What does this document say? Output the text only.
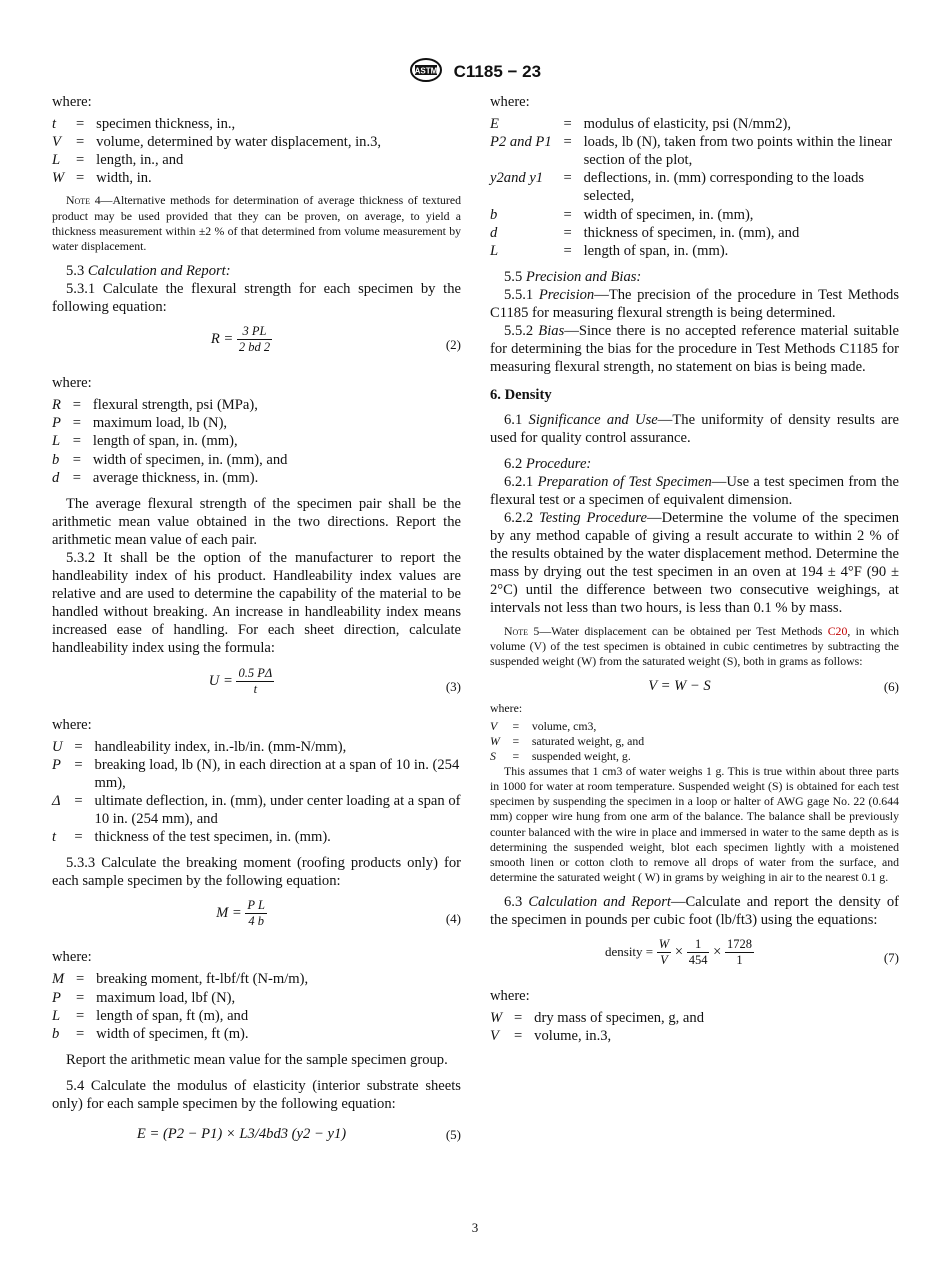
ASTM C1185 − 23

where:

t	=	specimen thickness, in.,
V	=	volume, determined by water displacement, in.3,
L	=	length, in., and
W	=	width, in.

Note 4—Alternative methods for determination of average thickness of textured product may be used provided that they can be proven, on average, to yield a thickness measurement within ±2 % of that determined from volume measurement by water displacement.

5.3 Calculation and Report:

5.3.1 Calculate the flexural strength for each specimen by the following equation:

$R = \frac{3 PL}{2 bd 2}$	(2)

where:

R	=	flexural strength, psi (MPa),
P	=	maximum load, lb (N),
L	=	length of span, in. (mm),
b	=	width of specimen, in. (mm), and
d	=	average thickness, in. (mm).

The average flexural strength of the specimen pair shall be the arithmetic mean value obtained in the two directions. Report the arithmetic mean value of each pair.

5.3.2 It shall be the option of the manufacturer to report the handleability index of his product. Handleability index values are relative and are used to determine the capability of the material to be handled without breaking. An increase in handleability index means increased ease of handling. For each sheet direction, calculate handleability index using the formula:

$U = \frac{0.5 P\Delta}{t}$	(3)

where:

U	=	handleability index, in.-lb/in. (mm-N/mm),
P	=	breaking load, lb (N), in each direction at a span of 10 in. (254 mm),
Δ	=	ultimate deflection, in. (mm), under center loading at a span of 10 in. (254 mm), and
t	=	thickness of the test specimen, in. (mm).

5.3.3 Calculate the breaking moment (roofing products only) for each sample specimen by the following equation:

$M = \frac{\text{P L}}{4 b}$	(4)

where:

M	=	breaking moment, ft-lbf/ft (N-m/m),
P	=	maximum load, lbf (N),
L	=	length of span, ft (m), and
b	=	width of specimen, ft (m).

Report the arithmetic mean value for the sample specimen group.

5.4 Calculate the modulus of elasticity (interior substrate sheets only) for each sample specimen by the following equation:

E = (P2 − P1) × L3/4bd3 (y2 − y1)	(5)

where:

E	=	modulus of elasticity, psi (N/mm2),
P2 and P1	=	loads, lb (N), taken from two points within the linear section of the plot,
y2and y1	=	deflections, in. (mm) corresponding to the loads selected,
b	=	width of specimen, in. (mm),
d	=	thickness of specimen, in. (mm), and
L	=	length of span, in. (mm).

5.5 Precision and Bias:

5.5.1 Precision—The precision of the procedure in Test Methods C1185 for measuring flexural strength is being determined.

5.5.2 Bias—Since there is no accepted reference material suitable for determining the bias for the procedure in Test Methods C1185 for measuring flexural strength, no statement on bias is being made.

6. Density

6.1 Significance and Use—The uniformity of density results are used for quality control assurance.

6.2 Procedure:

6.2.1 Preparation of Test Specimen—Use a test specimen from the flexural test or a specimen of equivalent dimension.

6.2.2 Testing Procedure—Determine the volume of the specimen by any method capable of giving a result accurate to within 2 % of the results obtained by the water displacement method. Determine the mass by drying out the test specimen in an oven at 194 ± 4°F (90 ± 2°C) until the difference between two consecutive weighings, at intervals not less than two hours, is less than 0.1 % by mass.

Note 5—Water displacement can be obtained per Test Methods C20, in which volume (V) of the test specimen is obtained in cubic centimetres by subtracting the suspended weight (W) from the saturated weight (S), both in grams as follows:

V = W − S	(6)

where:

V	=	volume, cm3,
W	=	saturated weight, g, and
S	=	suspended weight, g.

This assumes that 1 cm3 of water weighs 1 g. This is true within about three parts in 1000 for water at room temperature. Suspended weight (S) is obtained for each test specimen by suspending the specimen in a loop or halter of AWG gage No. 22 (0.644 mm) copper wire hung from one arm of the balance. The balance shall be previously counter balanced with the wire in place and immersed in water to the same depth as is determining the suspended weight, blot each specimen lightly with a moistened smooth linen or cotton cloth to remove all drops of water from the surface, and determine the saturated weight ( W) in grams by weighing in air to the nearest 0.1 g.

6.3 Calculation and Report—Calculate and report the density of the specimen in pounds per cubic foot (lb/ft3) using the equations:

density = $\frac{W}{V} \times \frac{1}{454} \times \frac{1728}{1}$	(7)

where:

W	=	dry mass of specimen, g, and
V	=	volume, in.3,
3
